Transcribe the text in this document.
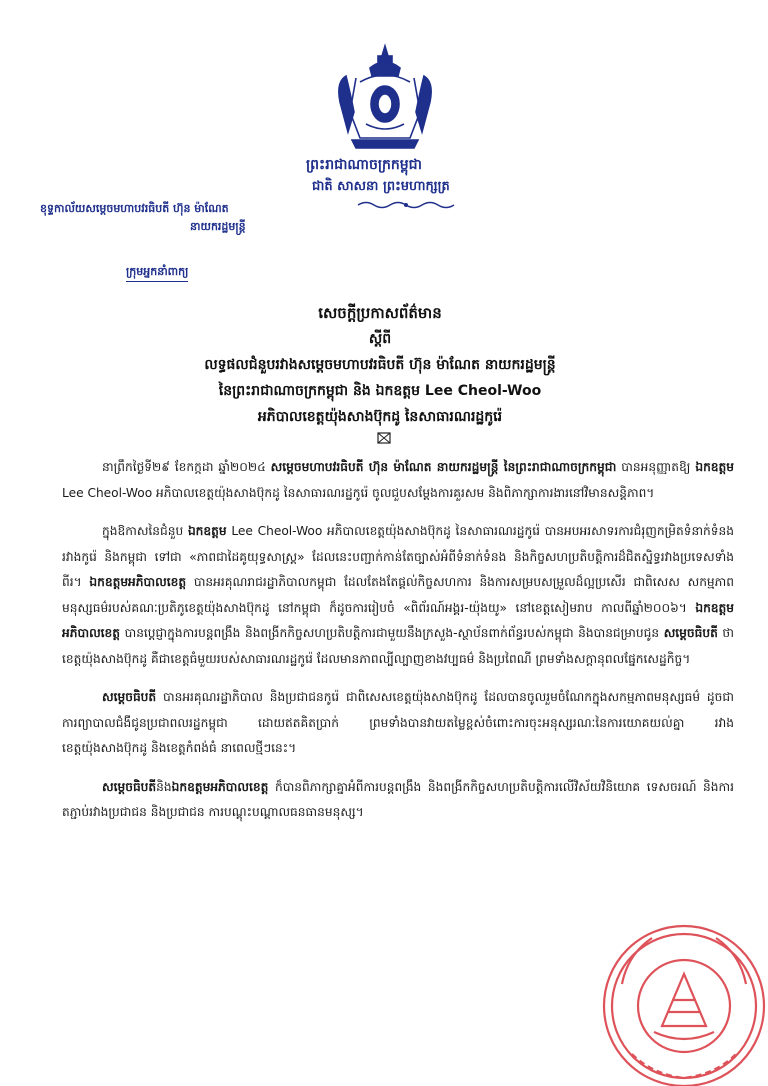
ព្រះរាជាណាចក្រកម្ពុជា
ជាតិ សាសនា ព្រះមហាក្សត្រ
ខុទ្ទកាល័យសម្ដេចមហាបវរធិបតី ហ៊ុន ម៉ាណែត
នាយករដ្ឋមន្ត្រី
ក្រុមអ្នកនាំពាក្យ
សេចក្ដីប្រកាសព័ត៌មាន
ស្ដីពី
លទ្ធផលជំនួបរវាងសម្ដេចមហាបវរធិបតី ហ៊ុន ម៉ាណែត នាយករដ្ឋមន្ត្រី
នៃព្រះរាជាណាចក្រកម្ពុជា និង ឯកឧត្តម Lee Cheol-Woo
អភិបាលខេត្តយ៉ុងសាងប៊ុកដូ នៃសាធារណរដ្ឋកូរ៉េ

នាព្រឹកថ្ងៃទី២៩ ខែកក្កដា ឆ្នាំ២០២៤ សម្ដេចមហាបវរធិបតី ហ៊ុន ម៉ាណែត នាយករដ្ឋមន្ត្រី នៃព្រះរាជាណាចក្រកម្ពុជា បានអនុញ្ញាតឱ្យ ឯកឧត្តម Lee Cheol-Woo អភិបាលខេត្តយ៉ុងសាងប៊ុកដូ នៃសាធារណរដ្ឋកូរ៉េ ចូលជួបសម្ដែងការគួរសម និងពិភាក្សាការងារនៅវិមានសន្តិភាព។

ក្នុងឱកាសនៃជំនួប ឯកឧត្តម Lee Cheol-Woo អភិបាលខេត្តយ៉ុងសាងប៊ុកដូ នៃសាធារណរដ្ឋកូរ៉េ បានអបអរសាទរការជំរុញកម្រិតទំនាក់ទំនងរវាងកូរ៉េ និងកម្ពុជា ទៅជា «ភាពជាដៃគូយុទ្ធសាស្ត្រ» ដែលនេះបញ្ជាក់កាន់តែច្បាស់អំពីទំនាក់ទំនង និងកិច្ចសហប្រតិបត្តិការដ៏ជិតស្និទ្ធរវាងប្រទេសទាំងពីរ។ ឯកឧត្តមអភិបាលខេត្ត បានអរគុណរាជរដ្ឋាភិបាលកម្ពុជា ដែលតែងតែផ្ដល់កិច្ចសហការ និងការសម្របសម្រួលដ៏ល្អប្រសើរ ជាពិសេស សកម្មភាពមនុស្សធម៌របស់គណៈប្រតិភូខេត្តយ៉ុងសាងប៊ុកដូ នៅកម្ពុជា ក៏ដូចការរៀបចំ «ពិព័រណ៍អង្គរ-យ៉ុងយូ» នៅខេត្តសៀមរាប កាលពីឆ្នាំ២០០៦។ ឯកឧត្តមអភិបាលខេត្ត បានប្ដេជ្ញាក្នុងការបន្តពង្រឹង និងពង្រីកកិច្ចសហប្រតិបត្តិការជាមួយនឹងក្រសួង-ស្ថាប័នពាក់ព័ន្ធរបស់កម្ពុជា និងបានជម្រាបជូន សម្ដេចធិបតី ថា ខេត្តយ៉ុងសាងប៊ុកដូ គឺជាខេត្តធំមួយរបស់សាធារណរដ្ឋកូរ៉េ ដែលមានភាពល្បីល្បាញខាងវប្បធម៌ និងប្រពៃណី ព្រមទាំងសក្ដានុពលផ្នែកសេដ្ឋកិច្ច។

សម្ដេចធិបតី បានអរគុណរដ្ឋាភិបាល និងប្រជាជនកូរ៉េ ជាពិសេសខេត្តយ៉ុងសាងប៊ុកដូ ដែលបានចូលរួមចំណែកក្នុងសកម្មភាពមនុស្សធម៌ ដូចជាការព្យាបាលជំងឺជូនប្រជាពលរដ្ឋកម្ពុជា ដោយឥតគិតប្រាក់ ព្រមទាំងបានវាយតម្លៃខ្ពស់ចំពោះការចុះអនុស្សរណៈនៃការយោគយល់គ្នា រវាងខេត្តយ៉ុងសាងប៊ុកដូ និងខេត្តកំពង់ធំ នាពេលថ្មីៗនេះ។

សម្ដេចធិបតីនិងឯកឧត្តមអភិបាលខេត្ត ក៏បានពិភាក្សាគ្នាអំពីការបន្តពង្រឹង និងពង្រីកកិច្ចសហប្រតិបត្តិការលើវិស័យវិនិយោគ ទេសចរណ៍ និងការតភ្ជាប់រវាងប្រជាជន និងប្រជាជន ការបណ្ដុះបណ្ដាលធនធានមនុស្ស។
